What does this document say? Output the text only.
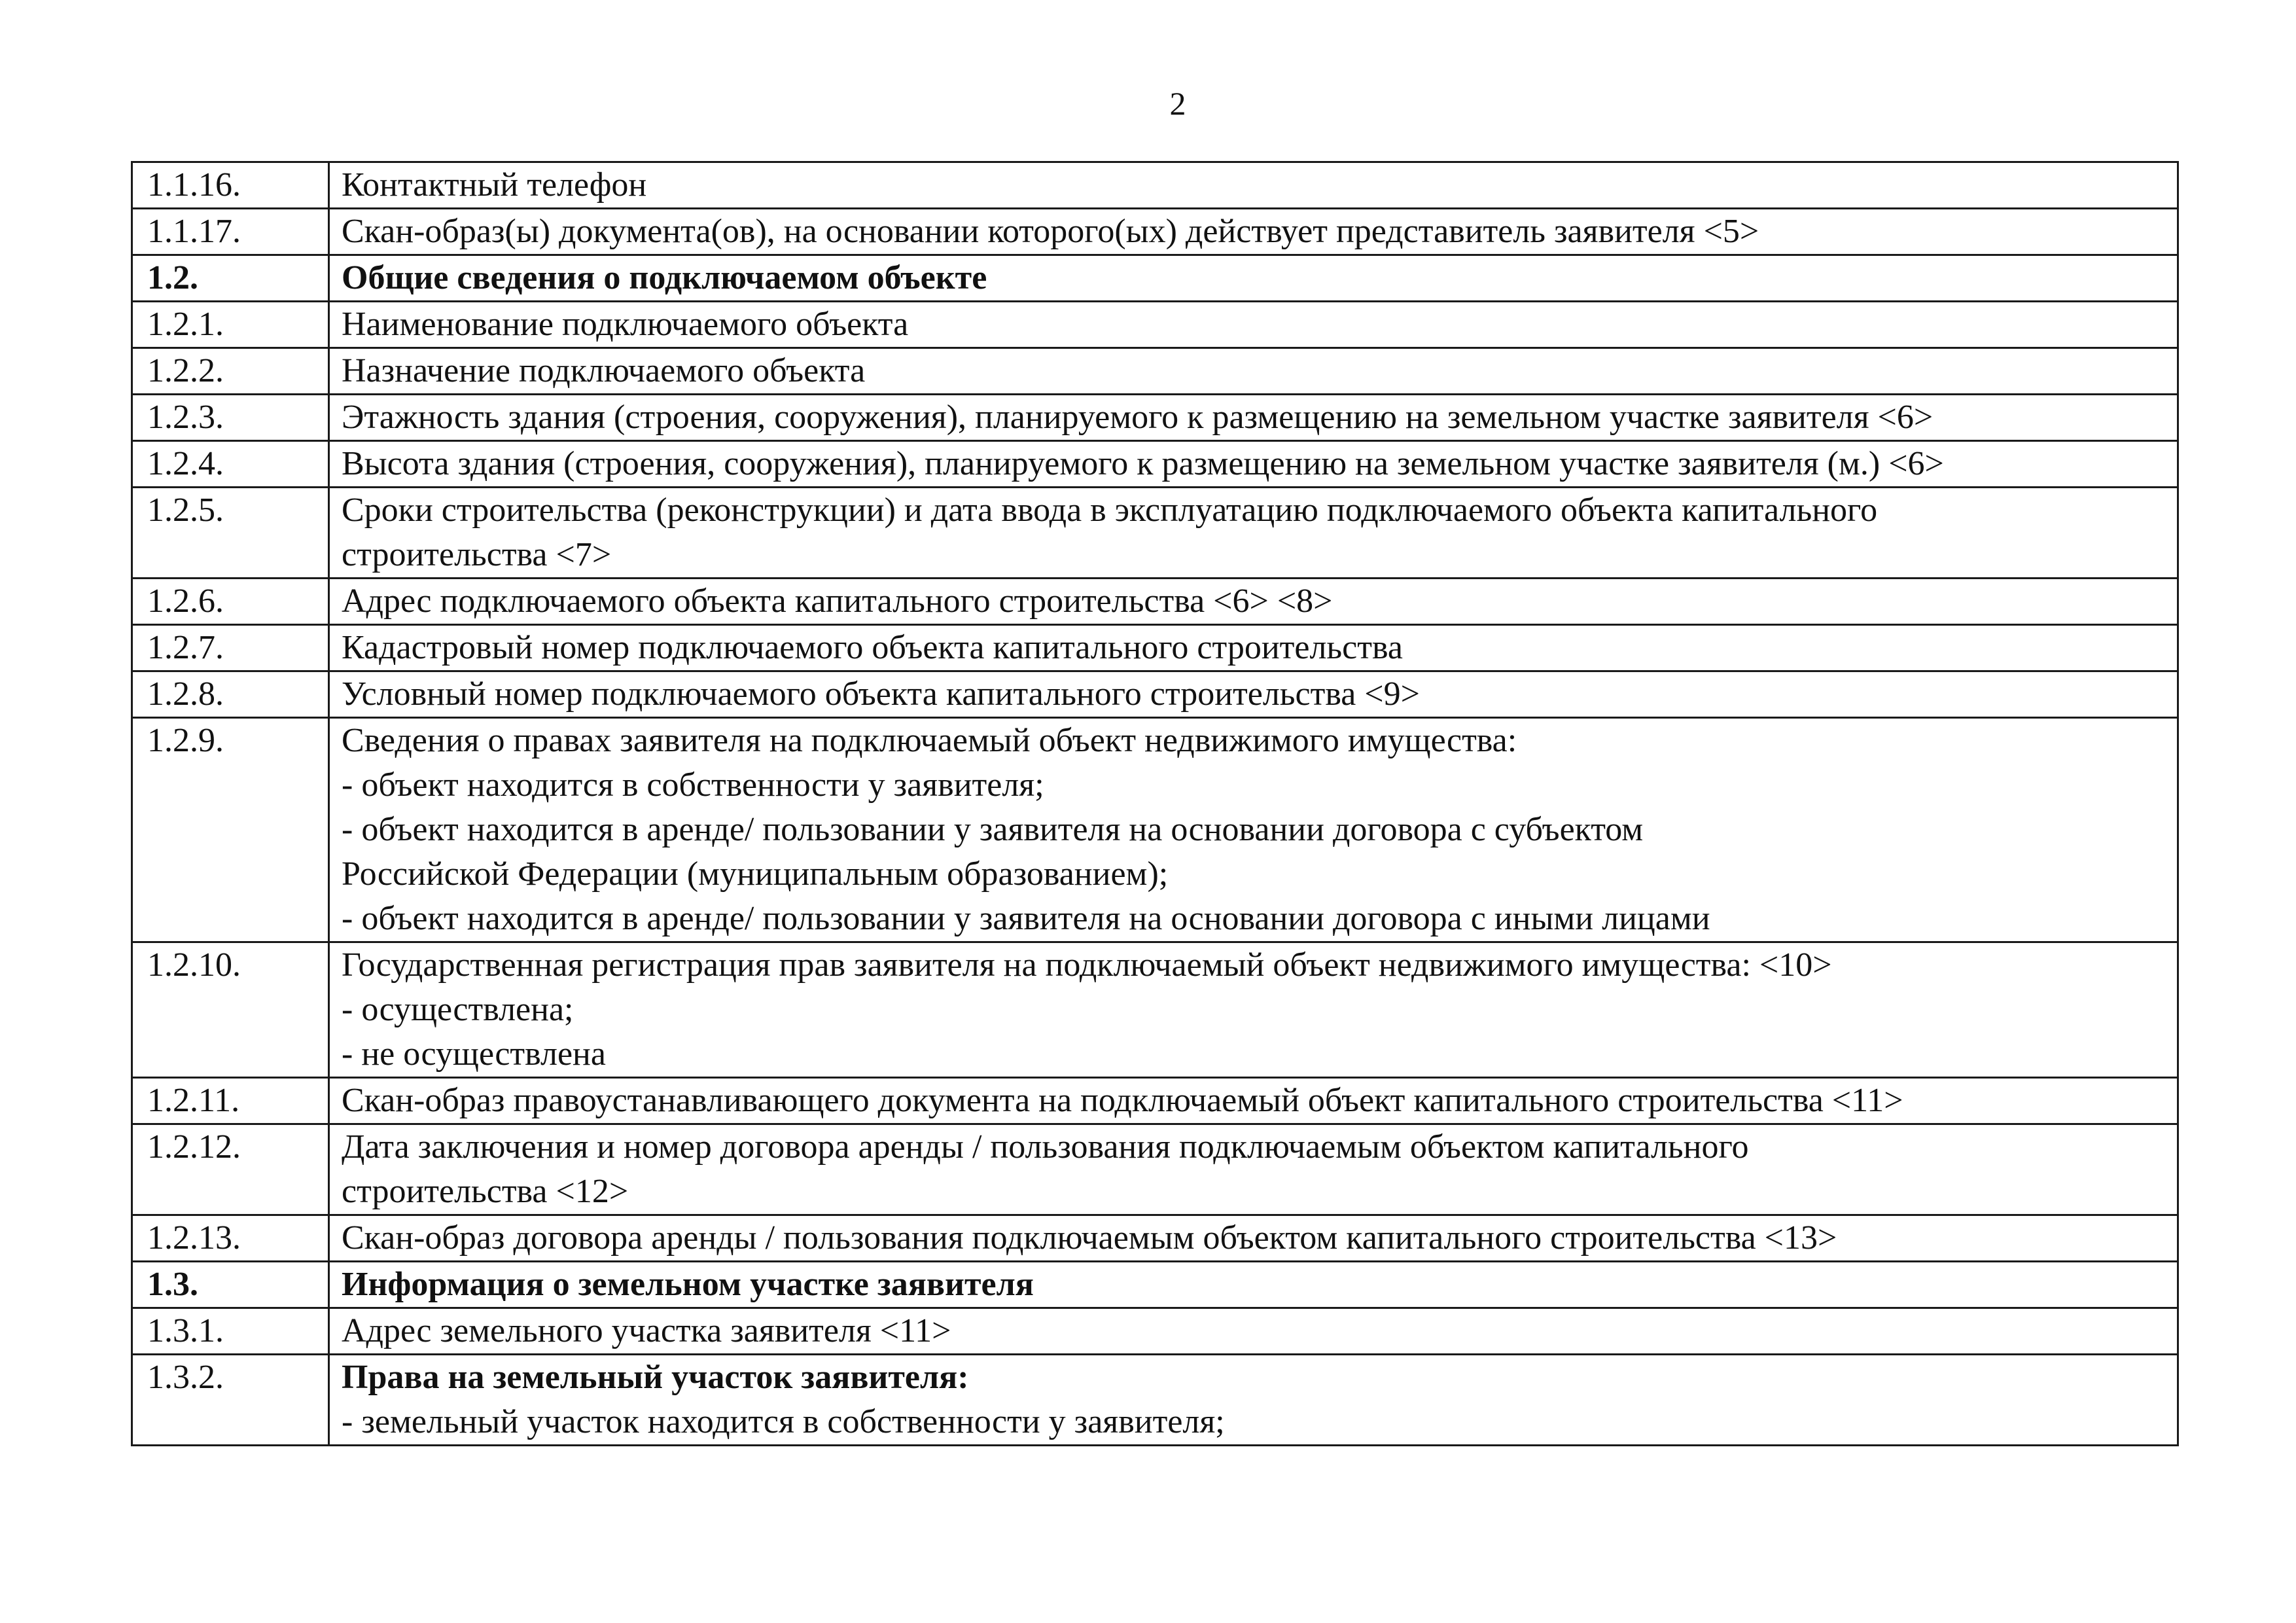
2
1.1.16.	Контактный телефон

1.1.17.	Скан-образ(ы) документа(ов), на основании которого(ых) действует представитель заявителя <5>

1.2.	Общие сведения о подключаемом объекте

1.2.1.	Наименование подключаемого объекта

1.2.2.	Назначение подключаемого объекта

1.2.3.	Этажность здания (строения, сооружения), планируемого к размещению на земельном участке заявителя <6>

1.2.4.	Высота здания (строения, сооружения), планируемого к размещению на земельном участке заявителя (м.) <6>

1.2.5.	Сроки строительства (реконструкции) и дата ввода в эксплуатацию подключаемого объекта капитального
строительства <7>

1.2.6.	Адрес подключаемого объекта капитального строительства <6> <8>

1.2.7.	Кадастровый номер подключаемого объекта капитального строительства

1.2.8.	Условный номер подключаемого объекта капитального строительства <9>

1.2.9.	Сведения о правах заявителя на подключаемый объект недвижимого имущества:
- объект находится в собственности у заявителя;
- объект находится в аренде/ пользовании у заявителя на основании договора с субъектом
Российской Федерации (муниципальным образованием);
- объект находится в аренде/ пользовании у заявителя на основании договора с иными лицами

1.2.10.	Государственная регистрация прав заявителя на подключаемый объект недвижимого имущества: <10>
- осуществлена;
- не осуществлена

1.2.11.	Скан-образ правоустанавливающего документа на подключаемый объект капитального строительства <11>

1.2.12.	Дата заключения и номер договора аренды / пользования подключаемым объектом капитального
строительства <12>

1.2.13.	Скан-образ договора аренды / пользования подключаемым объектом капитального строительства <13>

1.3.	Информация о земельном участке заявителя

1.3.1.	Адрес земельного участка заявителя <11>

1.3.2.	Права на земельный участок заявителя:
- земельный участок находится в собственности у заявителя;
